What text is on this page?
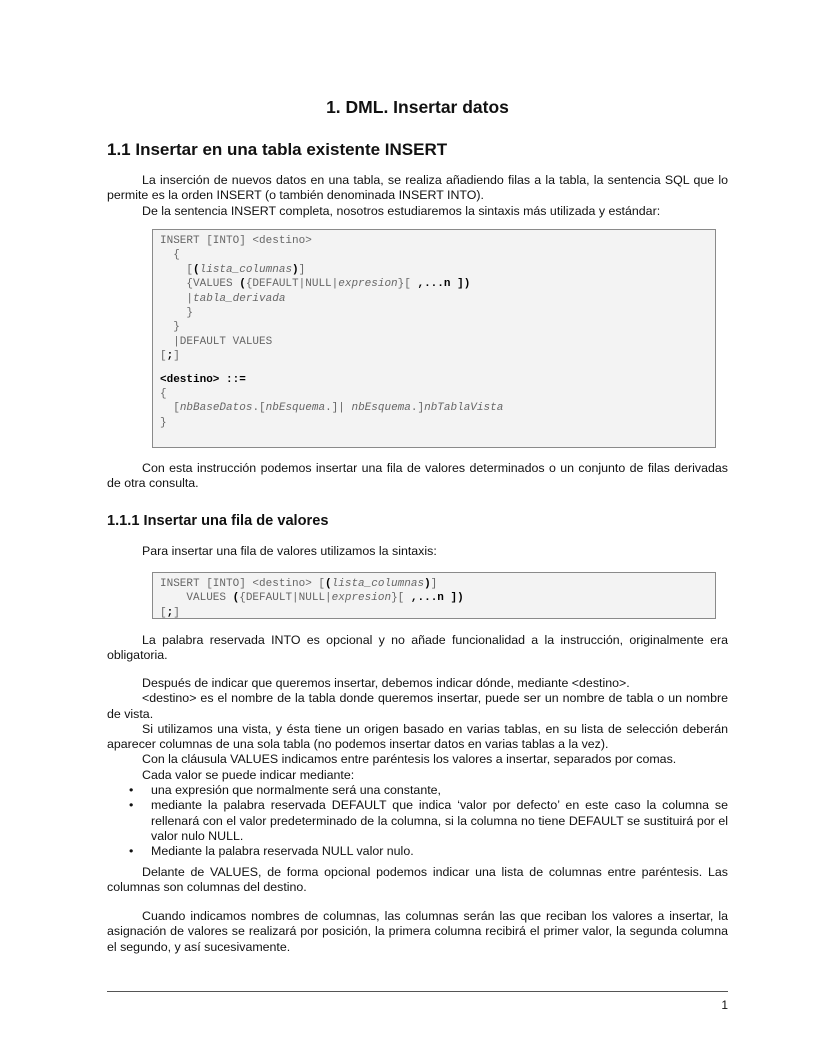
1. DML. Insertar datos
1.1 Insertar en una tabla existente INSERT

La inserción de nuevos datos en una tabla, se realiza añadiendo filas a la tabla, la sentencia SQL que lo permite es la orden INSERT (o también denominada INSERT INTO).

De la sentencia INSERT completa, nosotros estudiaremos la sintaxis más utilizada y estándar:

INSERT [INTO] <destino>
{
[(lista_columnas)]
{VALUES ({DEFAULT|NULL|expresion}[ ,...n ])
|tabla_derivada
}
}
|DEFAULT VALUES
[;]
<destino> ::=
{
[nbBaseDatos.[nbEsquema.]| nbEsquema.]nbTablaVista
}

Con esta instrucción podemos insertar una fila de valores determinados o un conjunto de filas derivadas de otra consulta.

1.1.1 Insertar una fila de valores

Para insertar una fila de valores utilizamos la sintaxis:

INSERT [INTO] <destino> [(lista_columnas)]
VALUES ({DEFAULT|NULL|expresion}[ ,...n ])
[;]

La palabra reservada INTO es opcional y no añade funcionalidad a la instrucción, originalmente era obligatoria.

Después de indicar que queremos insertar, debemos indicar dónde, mediante <destino>.

<destino> es el nombre de la tabla donde queremos insertar, puede ser un nombre de tabla o un nombre de vista.

Si utilizamos una vista, y ésta tiene un origen basado en varias tablas, en su lista de selección deberán aparecer columnas de una sola tabla (no podemos insertar datos en varias tablas a la vez).

Con la cláusula VALUES indicamos entre paréntesis los valores a insertar, separados por comas.

Cada valor se puede indicar mediante:

• una expresión que normalmente será una constante,
• mediante la palabra reservada DEFAULT que indica ‘valor por defecto’ en este caso la columna se rellenará con el valor predeterminado de la columna, si la columna no tiene DEFAULT se sustituirá por el valor nulo NULL.
• Mediante la palabra reservada NULL valor nulo.

Delante de VALUES, de forma opcional podemos indicar una lista de columnas entre paréntesis. Las columnas son columnas del destino.

Cuando indicamos nombres de columnas, las columnas serán las que reciban los valores a insertar, la asignación de valores se realizará por posición, la primera columna recibirá el primer valor, la segunda columna el segundo, y así sucesivamente.

1
